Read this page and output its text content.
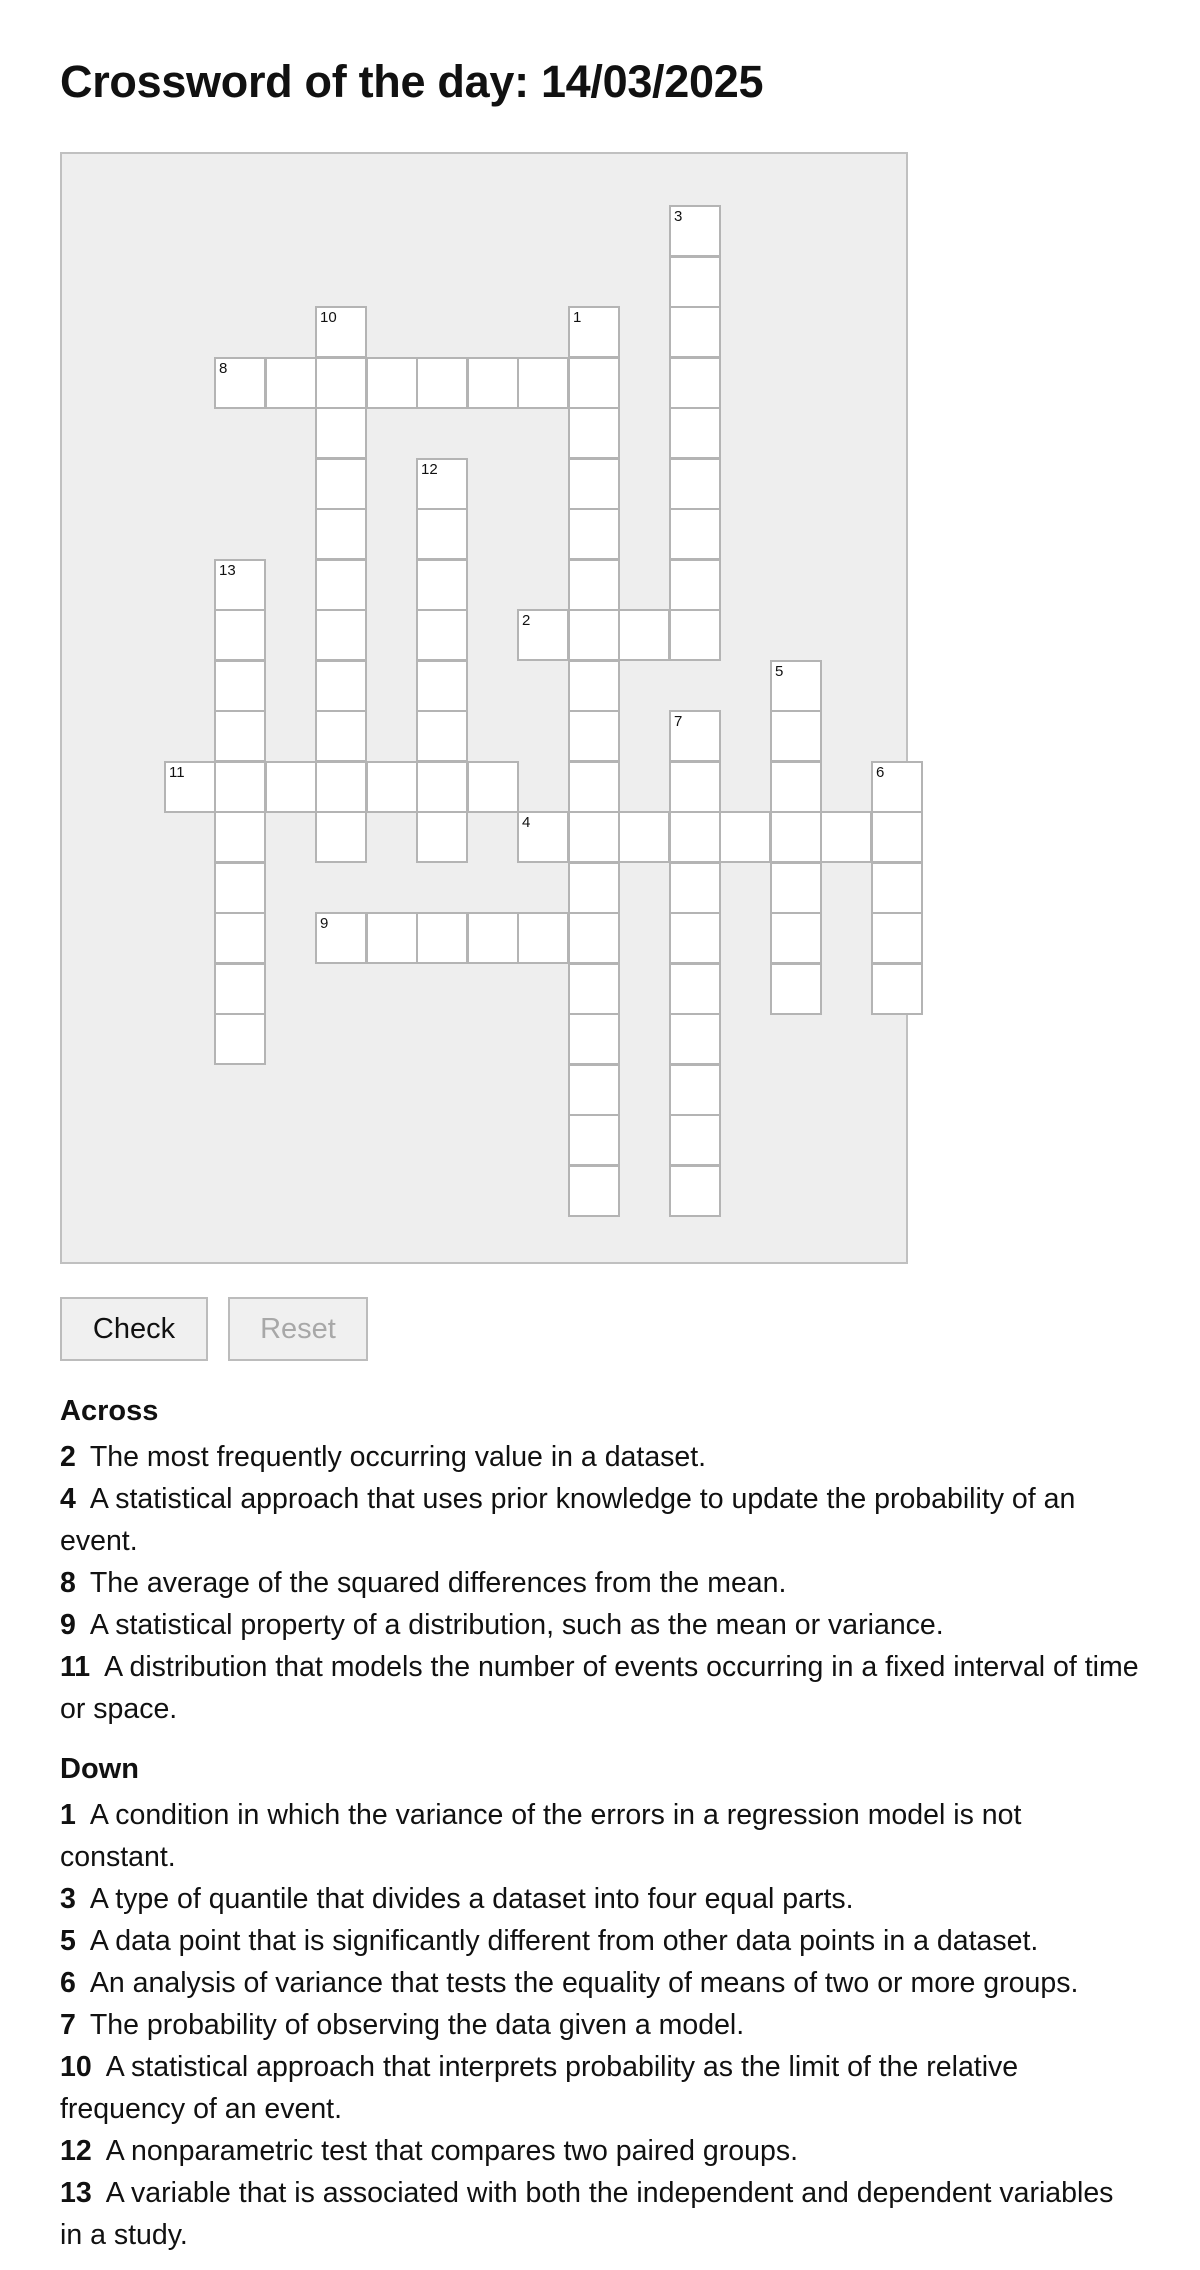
Crossword of the day: 14/03/2025
1
2
3
4
5
6
7
8
9
10
11
12
13
Check	Reset
Across
2 The most frequently occurring value in a dataset.
4 A statistical approach that uses prior knowledge to update the probability of an event.
8 The average of the squared differences from the mean.
9 A statistical property of a distribution, such as the mean or variance.
11 A distribution that models the number of events occurring in a fixed interval of time or space.
Down
1 A condition in which the variance of the errors in a regression model is not constant.
3 A type of quantile that divides a dataset into four equal parts.
5 A data point that is significantly different from other data points in a dataset.
6 An analysis of variance that tests the equality of means of two or more groups.
7 The probability of observing the data given a model.
10 A statistical approach that interprets probability as the limit of the relative frequency of an event.
12 A nonparametric test that compares two paired groups.
13 A variable that is associated with both the independent and dependent variables in a study.
